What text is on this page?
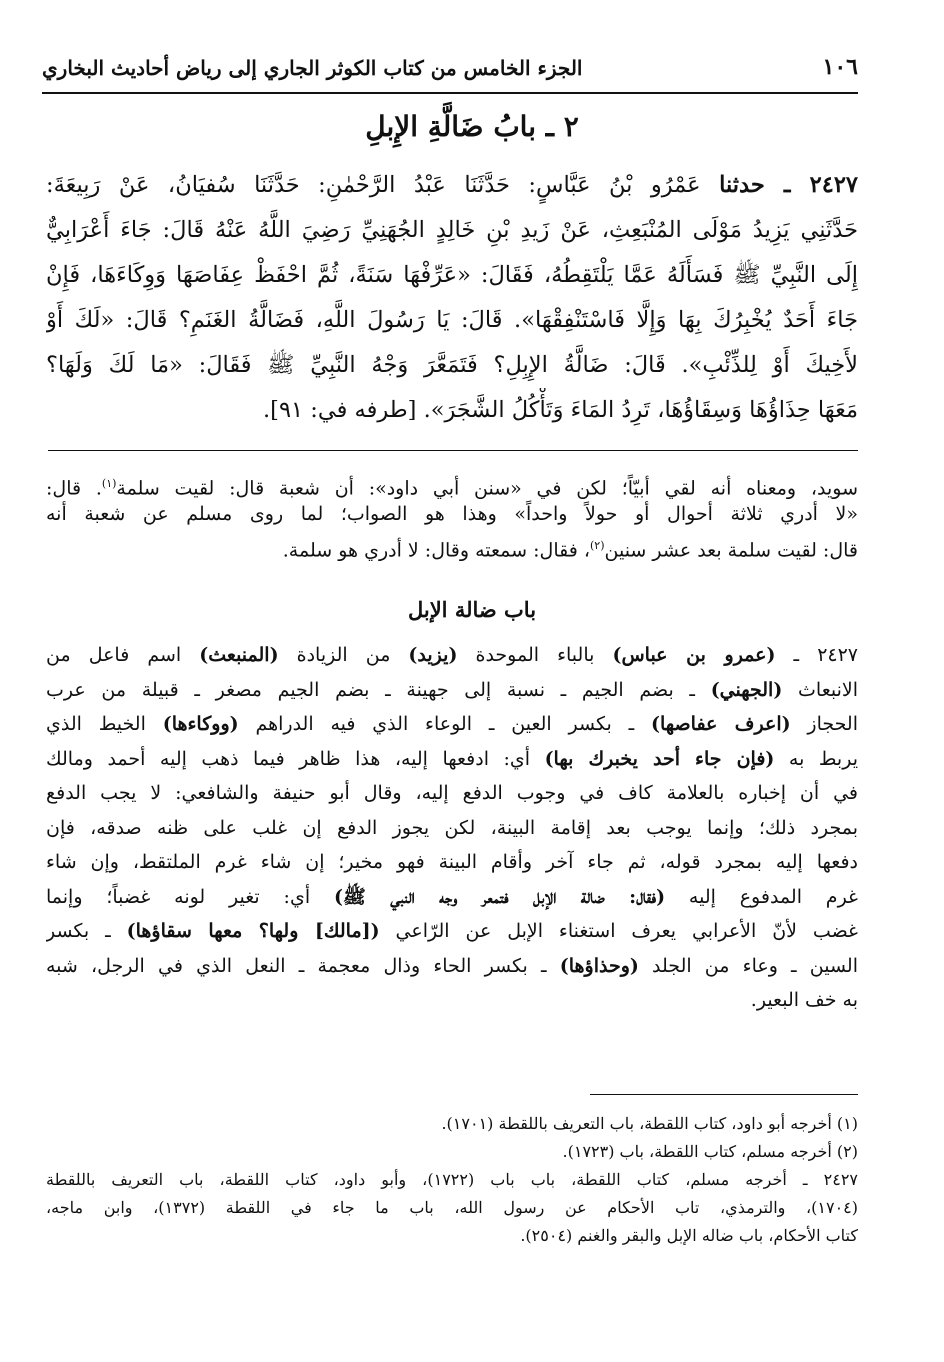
١٠٦
الجزء الخامس من كتاب الكوثر الجاري إلى رياض أحاديث البخاري
٢ ـ بابُ ضَالَّةِ الإِبلِ
٢٤٢٧ ـ حدثنا عَمْرُو بْنُ عَبَّاسٍ: حَدَّثَنَا عَبْدُ الرَّحْمٰنِ: حَدَّثَنَا سُفيَانُ، عَنْ رَبِيعَةَ:
حَدَّثَنِي يَزِيدُ مَوْلَى المُنْبَعِثِ، عَنْ زَيدِ بْنِ خَالِدٍ الجُهَنِيِّ رَضِيَ اللَّهُ عَنْهُ قَالَ: جَاءَ أَعْرَابِيٌّ
إِلَى النَّبِيِّ ﷺ فَسَأَلَهُ عَمَّا يَلْتَقِطُهُ، فَقَالَ: «عَرِّفْهَا سَنَةً، ثُمَّ احْفَظْ عِفَاصَهَا وَوِكَاءَهَا، فَإِنْ
جَاءَ أَحَدٌ يُخْبِرُكَ بِهَا وَإِلَّا فَاسْتَنْفِقْهَا». قَالَ: يَا رَسُولَ اللَّهِ، فَضَالَّةُ الغَنَمِ؟ قَالَ: «لَكَ أَوْ
لأَخِيكَ أَوْ لِلذِّئْبِ». قَالَ: ضَالَّةُ الإِبِلِ؟ فَتَمَعَّرَ وَجْهُ النَّبِيِّ ﷺ فَقَالَ: «مَا لَكَ وَلَهَا؟
مَعَهَا حِذَاؤُهَا وَسِقَاؤُهَا، تَرِدُ المَاءَ وَتَأْكُلُ الشَّجَرَ». [طرفه في: ٩١].
سويد، ومعناه أنه لقي أبيّاً؛ لكن في «سنن أبي داود»: أن شعبة قال: لقيت سلمة$^{(١)}$. قال:
«لا أدري ثلاثة أحوال أو حولاً واحداً» وهذا هو الصواب؛ لما روى مسلم عن شعبة أنه
قال: لقيت سلمة بعد عشر سنين$^{(٢)}$، فقال: سمعته وقال: لا أدري هو سلمة.
باب ضالة الإبل
٢٤٢٧ ـ (عمرو بن عباس) بالباء الموحدة (يزيد) من الزيادة (المنبعث) اسم فاعل من
الانبعاث (الجهني) ـ بضم الجيم ـ نسبة إلى جهينة ـ بضم الجيم مصغر ـ قبيلة من عرب
الحجاز (اعرف عفاصها) ـ بكسر العين ـ الوعاء الذي فيه الدراهم (ووكاءها) الخيط الذي
يربط به (فإن جاء أحد يخبرك بها) أي: ادفعها إليه، هذا ظاهر فيما ذهب إليه أحمد ومالك
في أن إخباره بالعلامة كاف في وجوب الدفع إليه، وقال أبو حنيفة والشافعي: لا يجب الدفع
بمجرد ذلك؛ وإنما يوجب بعد إقامة البينة، لكن يجوز الدفع إن غلب على ظنه صدقه، فإن
دفعها إليه بمجرد قوله، ثم جاء آخر وأقام البينة فهو مخير؛ إن شاء غرم الملتقط، وإن شاء
غرم المدفوع إليه (فقال: ضالة الإبل فتمعر وجه النبي ﷺ) أي: تغير لونه غضباً؛ وإنما
غضب لأنّ الأعرابي يعرف استغناء الإبل عن الرّاعي ([مالك] ولها؟ معها سقاؤها) ـ بكسر
السين ـ وعاء من الجلد (وحذاؤها) ـ بكسر الحاء وذال معجمة ـ النعل الذي في الرجل، شبه
به خف البعير.
(١) أخرجه أبو داود، كتاب اللقطة، باب التعريف باللقطة (١٧٠١).
(٢) أخرجه مسلم، كتاب اللقطة، باب (١٧٢٣).
٢٤٢٧ ـ أخرجه مسلم، كتاب اللقطة، باب باب (١٧٢٢)، وأبو داود، كتاب اللقطة، باب التعريف باللقطة
(١٧٠٤)، والترمذي، تاب الأحكام عن رسول الله، باب ما جاء في اللقطة (١٣٧٢)، وابن ماجه،
كتاب الأحكام، باب ضاله الإبل والبقر والغنم (٢٥٠٤).
